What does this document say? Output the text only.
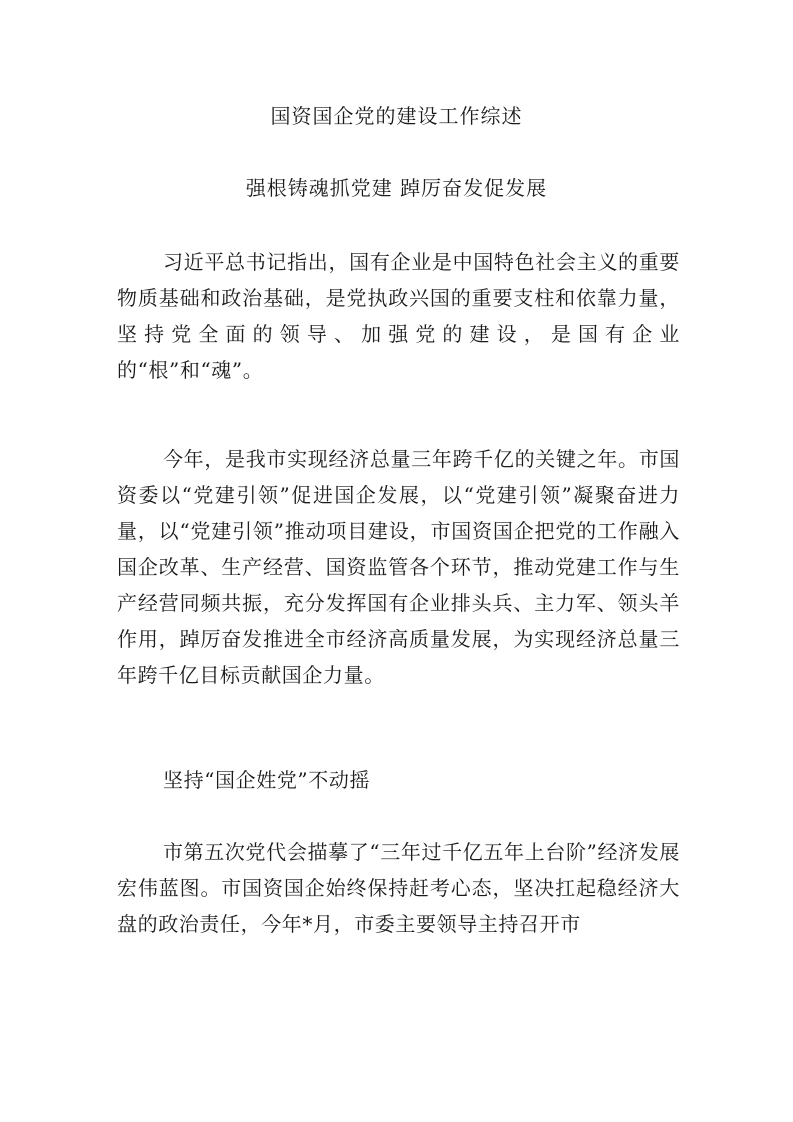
国资国企党的建设工作综述
强根铸魂抓党建 踔厉奋发促发展

习近平总书记指出，国有企业是中国特色社会主义的重要物质基础和政治基础，是党执政兴国的重要支柱和依靠力量，坚持党全面的领导、加强党的建设，是国有企业的“根”和“魂”。

今年，是我市实现经济总量三年跨千亿的关键之年。市国资委以“党建引领”促进国企发展，以“党建引领”凝聚奋进力量，以“党建引领”推动项目建设，市国资国企把党的工作融入国企改革、生产经营、国资监管各个环节，推动党建工作与生产经营同频共振，充分发挥国有企业排头兵、主力军、领头羊作用，踔厉奋发推进全市经济高质量发展，为实现经济总量三年跨千亿目标贡献国企力量。

坚持“国企姓党”不动摇

市第五次党代会描摹了“三年过千亿五年上台阶”经济发展宏伟蓝图。市国资国企始终保持赶考心态，坚决扛起稳经济大盘的政治责任，今年*月，市委主要领导主持召开市
